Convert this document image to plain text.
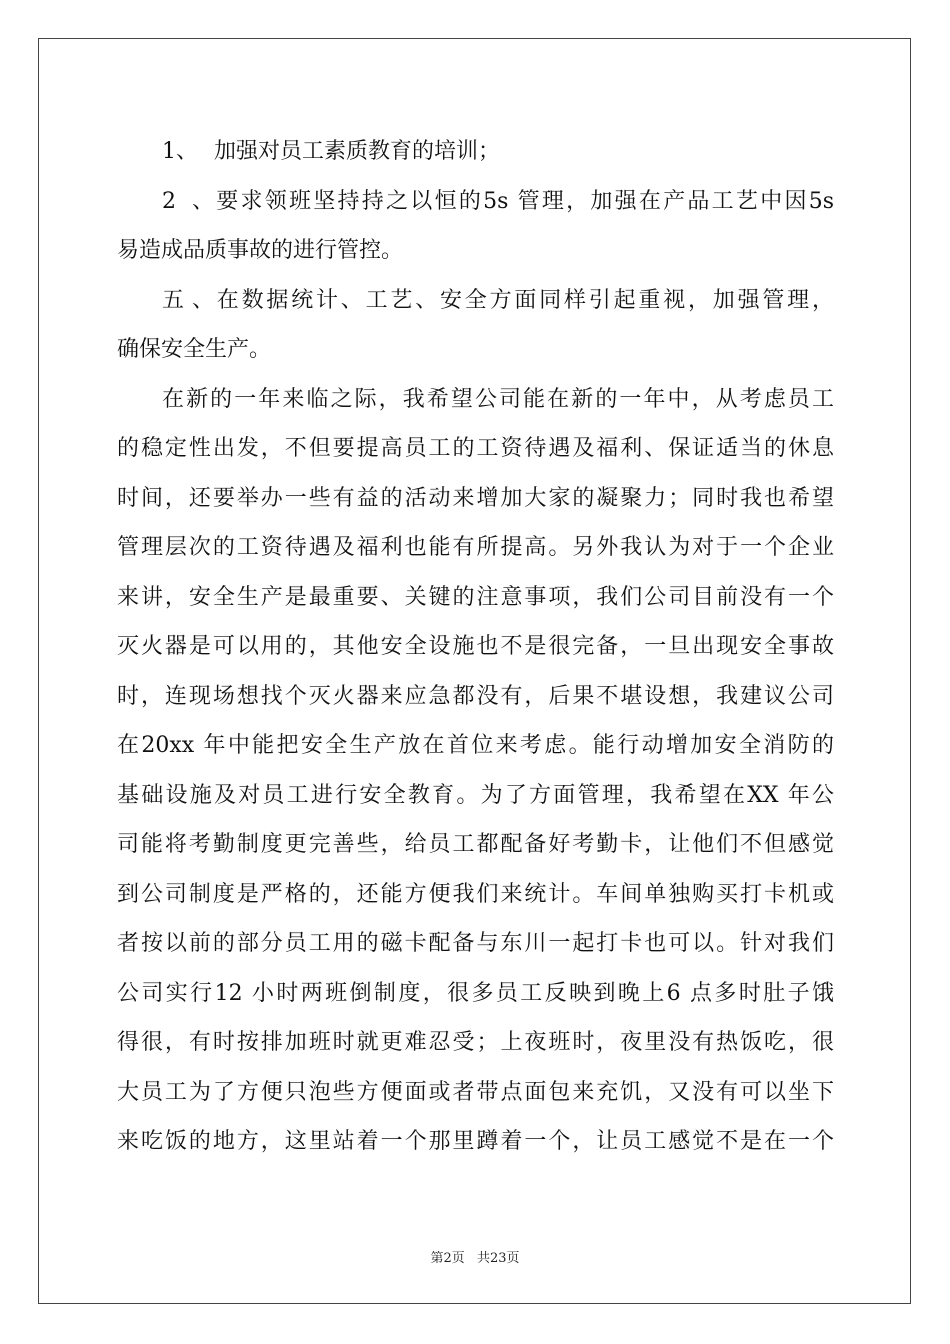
1、 加强对员工素质教育的培训；
2、要求领班坚持持之以恒的5s 管理，加强在产品工艺中因5s
易造成品质事故的进行管控。
五、在数据统计、工艺、安全方面同样引起重视，加强管理，
确保安全生产。
在新的一年来临之际，我希望公司能在新的一年中，从考虑员工
的稳定性出发，不但要提高员工的工资待遇及福利、保证适当的休息
时间，还要举办一些有益的活动来增加大家的凝聚力；同时我也希望
管理层次的工资待遇及福利也能有所提高。另外我认为对于一个企业
来讲，安全生产是最重要、关键的注意事项，我们公司目前没有一个
灭火器是可以用的，其他安全设施也不是很完备，一旦出现安全事故
时，连现场想找个灭火器来应急都没有，后果不堪设想，我建议公司
在20xx 年中能把安全生产放在首位来考虑。能行动增加安全消防的
基础设施及对员工进行安全教育。为了方面管理，我希望在XX 年公
司能将考勤制度更完善些，给员工都配备好考勤卡，让他们不但感觉
到公司制度是严格的，还能方便我们来统计。车间单独购买打卡机或
者按以前的部分员工用的磁卡配备与东川一起打卡也可以。针对我们
公司实行12 小时两班倒制度，很多员工反映到晚上6 点多时肚子饿
得很，有时按排加班时就更难忍受；上夜班时，夜里没有热饭吃，很
大员工为了方便只泡些方便面或者带点面包来充饥，又没有可以坐下
来吃饭的地方，这里站着一个那里蹲着一个，让员工感觉不是在一个
第2页 共23页
